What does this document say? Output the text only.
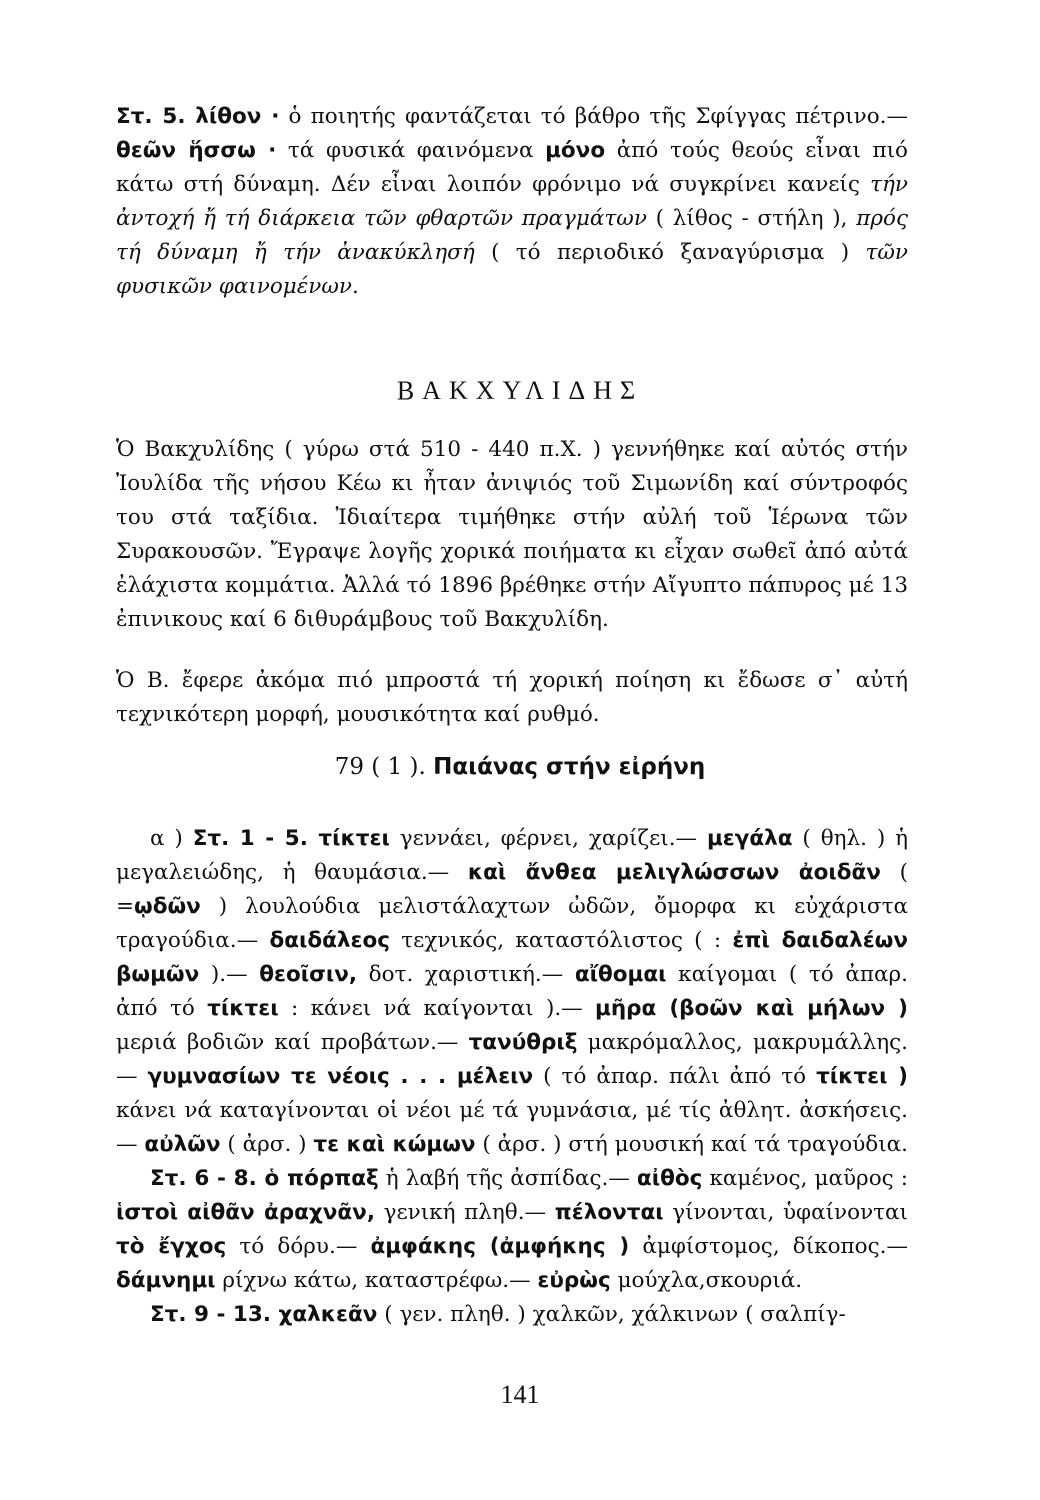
Στ. 5. λίθον · ὁ ποιητής φαντάζεται τό βάθρο τῆς Σφίγγας πέτρινο.— θεῶν ἥσσω · τά φυσικά φαινόμενα μόνο ἀπό τούς θεούς εἶναι πιό κάτω στή δύναμη. Δέν εἶναι λοιπόν φρόνιμο νά συγκρίνει κανείς τήν ἀντοχή ἤ τή διάρκεια τῶν φθαρτῶν πραγμάτων ( λίθος - στήλη ), πρός τή δύναμη ἤ τήν ἀνακύκλησή ( τό περιοδικό ξαναγύρισμα ) τῶν φυσικῶν φαινομένων.

ΒΑΚΧΥΛΙΔΗΣ

Ὁ Βακχυλίδης ( γύρω στά 510 - 440 π.Χ. ) γεννήθηκε καί αὐτός στήν Ἰουλίδα τῆς νήσου Κέω κι ἦταν ἀνιψιός τοῦ Σιμωνίδη καί σύντροφός του στά ταξίδια. Ἰδιαίτερα τιμήθηκε στήν αὐλή τοῦ Ἱέρωνα τῶν Συρακουσῶν. Ἔγραψε λογῆς χορικά ποιήματα κι εἶχαν σωθεῖ ἀπό αὐτά ἐλάχιστα κομμάτια. Ἀλλά τό 1896 βρέθηκε στήν Αἴγυπτο πάπυρος μέ 13 ἐπινικους καί 6 διθυράμβους τοῦ Βακχυλίδη.

Ὁ Β. ἔφερε ἀκόμα πιό μπροστά τή χορική ποίηση κι ἔδωσε σ᾽ αὐτή τεχνικότερη μορφή, μουσικότητα καί ρυθμό.

79 ( 1 ). Παιάνας στήν εἰρήνη

α ) Στ. 1 - 5. τίκτει γεννάει, φέρνει, χαρίζει.— μεγάλα ( θηλ. ) ἡ μεγαλειώδης, ἡ θαυμάσια.— καὶ ἄνθεα μελιγλώσσων ἀοιδᾶν ( =ῳδῶν ) λουλούδια μελιστάλαχτων ὠδῶν, ὄμορφα κι εὐχάριστα τραγούδια.— δαιδάλεος τεχνικός, καταστόλιστος ( : ἐπὶ δαιδαλέων βωμῶν ).— θεοῖσιν, δοτ. χαριστική.— αἴθομαι καίγομαι ( τό ἀπαρ. ἀπό τό τίκτει : κάνει νά καίγονται ).— μῆρα (βοῶν καὶ μήλων ) μεριά βοδιῶν καί προβάτων.— τανύθριξ μακρόμαλλος, μακρυμάλλης.— γυμνασίων τε νέοις . . . μέλειν ( τό ἀπαρ. πάλι ἀπό τό τίκτει ) κάνει νά καταγίνονται οἱ νέοι μέ τά γυμνάσια, μέ τίς ἀθλητ. ἀσκήσεις.— αὐλῶν ( ἀρσ. ) τε καὶ κώμων ( ἀρσ. ) στή μουσική καί τά τραγούδια.

Στ. 6 - 8. ὁ πόρπαξ ἡ λαβή τῆς ἀσπίδας.— αἰθὸς καμένος, μαῦρος : ἱστοὶ αἰθᾶν ἀραχνᾶν, γενική πληθ.— πέλονται γίνονται, ὑφαίνονται τὸ ἔγχος τό δόρυ.— ἀμφάκης (ἀμφήκης ) ἀμφίστομος, δίκοπος.— δάμνημι ρίχνω κάτω, καταστρέφω.— εὐρὼς μούχλα,σκουριά.

Στ. 9 - 13. χαλκεᾶν ( γεν. πληθ. ) χαλκῶν, χάλκινων ( σαλπίγ-

141
